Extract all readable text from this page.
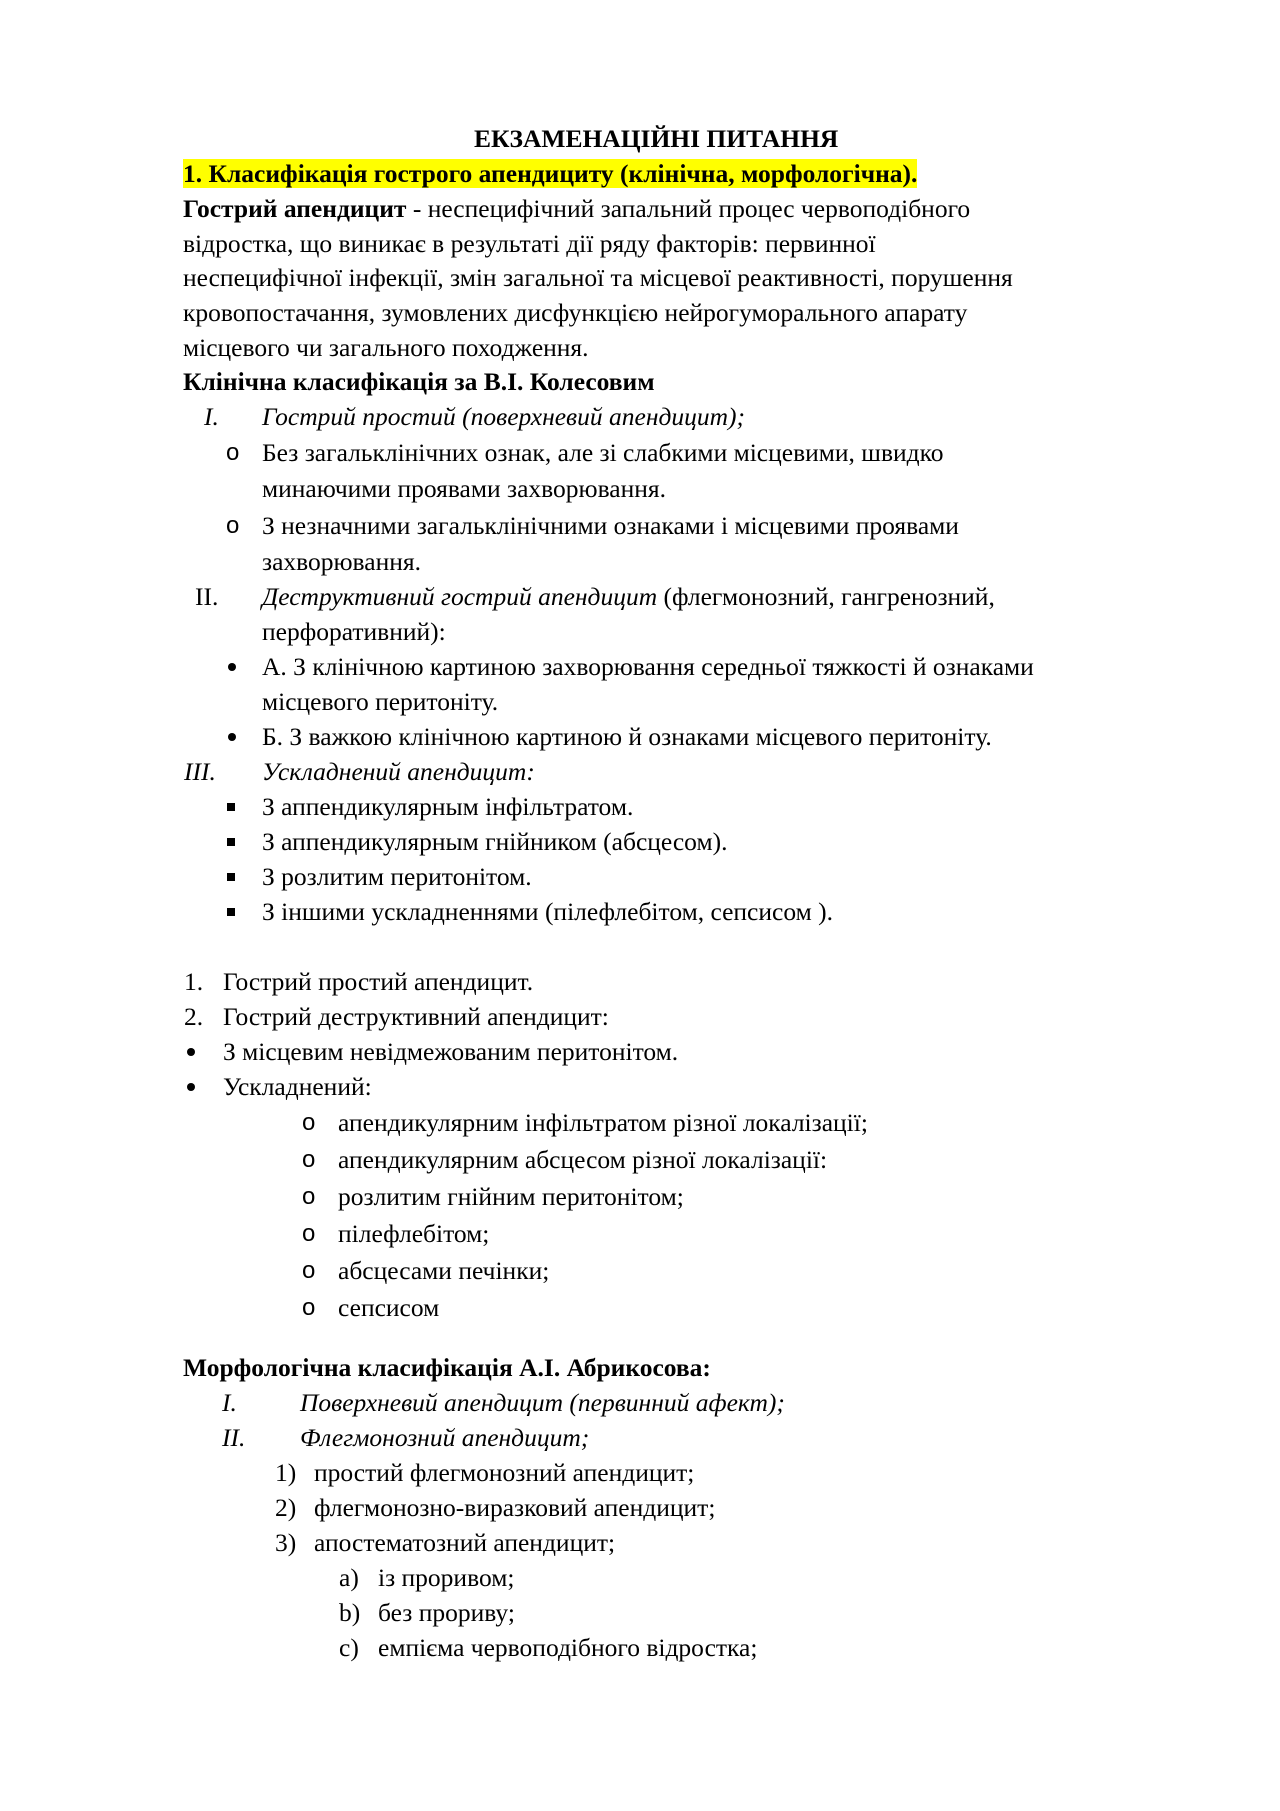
ЕКЗАМЕНАЦІЙНІ ПИТАННЯ
1. Класифікація гострого апендициту (клінічна, морфологічна).
Гострий апендицит - неспецифічний запальний процес червоподібного
відростка, що виникає в результаті дії ряду факторів: первинної
неспецифічної інфекції, змін загальної та місцевої реактивності, порушення
кровопостачання, зумовлених дисфункцією нейрогуморального апарату
місцевого чи загального походження.
Клінічна класифікація за В.І. Колесовим
I. Гострий простий (поверхневий апендицит);
o Без загальклінічних ознак, але зі слабкими місцевими, швидко
минаючими проявами захворювання.
o З незначними загальклінічними ознаками і місцевими проявами
захворювання.
II. Деструктивний гострий апендицит (флегмонозний, гангренозний,
перфоративний):
А. З клінічною картиною захворювання середньої тяжкості й ознаками
місцевого перитоніту.
Б. З важкою клінічною картиною й ознаками місцевого перитоніту.
III. Ускладнений апендицит:
З аппендикулярным інфільтратом.
З аппендикулярным гнійником (абсцесом).
З розлитим перитонітом.
З іншими ускладненнями (пілефлебітом, сепсисом ).
1. Гострий простий апендицит.
2. Гострий деструктивний апендицит:
З місцевим невідмежованим перитонітом.
Ускладнений:
o апендикулярним інфільтратом різної локалізації;
o апендикулярним абсцесом різної локалізації:
o розлитим гнійним перитонітом;
o пілефлебітом;
o абсцесами печінки;
o сепсисом
Морфологічна класифікація А.І. Абрикосова:
I. Поверхневий апендицит (первинний афект);
II. Флегмонозний апендицит;
1) простий флегмонозний апендицит;
2) флегмонозно-виразковий апендицит;
3) апостематозний апендицит;
a) із проривом;
b) без прориву;
c) емпієма червоподібного відростка;
